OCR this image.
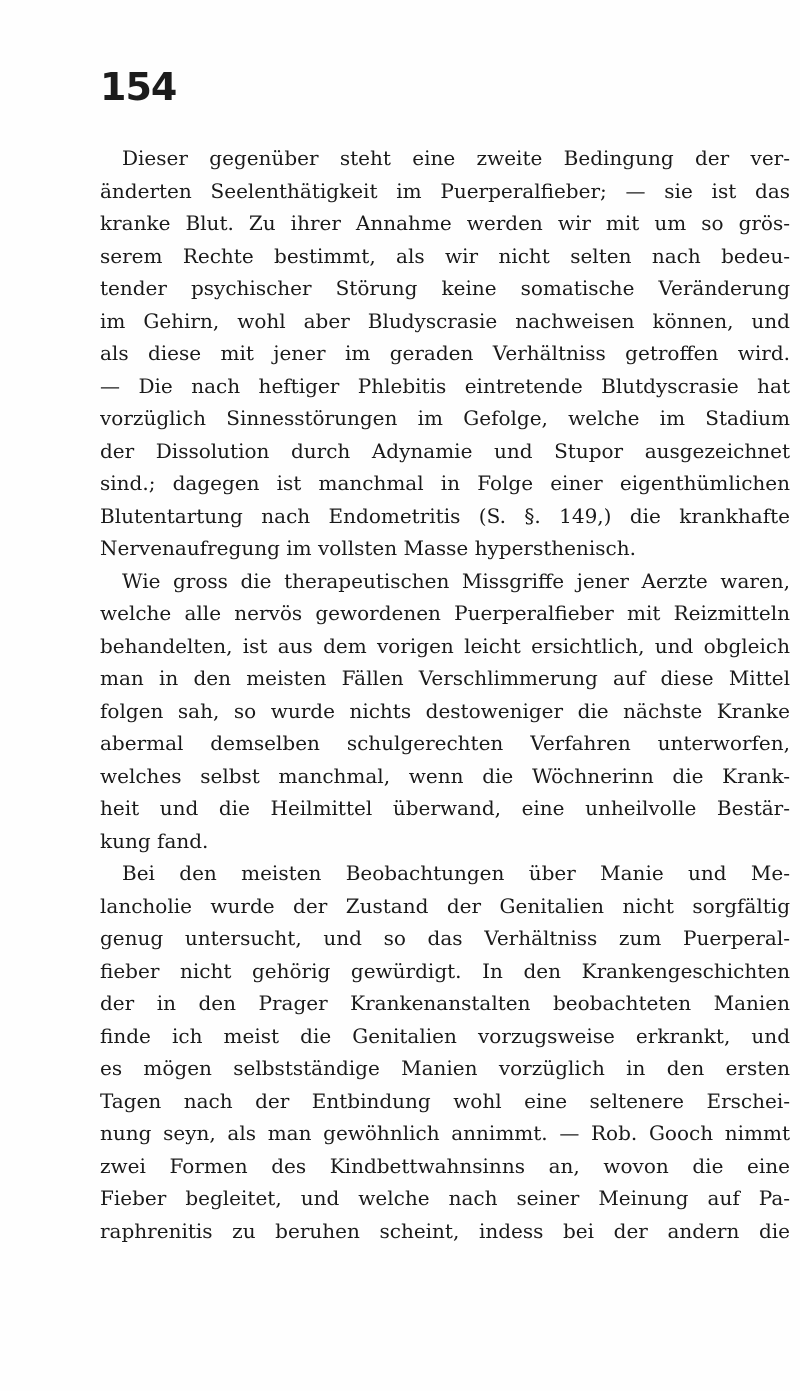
154
Dieser gegenüber steht eine zweite Bedingung der ver-
änderten Seelenthätigkeit im Puerperalfieber; — sie ist das
kranke Blut. Zu ihrer Annahme werden wir mit um so grös-
serem Rechte bestimmt, als wir nicht selten nach bedeu-
tender psychischer Störung keine somatische Veränderung
im Gehirn, wohl aber Bludyscrasie nachweisen können, und
als diese mit jener im geraden Verhältniss getroffen wird.
— Die nach heftiger Phlebitis eintretende Blutdyscrasie hat
vorzüglich Sinnesstörungen im Gefolge, welche im Stadium
der Dissolution durch Adynamie und Stupor ausgezeichnet
sind.; dagegen ist manchmal in Folge einer eigenthümlichen
Blutentartung nach Endometritis (S. §. 149,) die krankhafte
Nervenaufregung im vollsten Masse hypersthenisch.
Wie gross die therapeutischen Missgriffe jener Aerzte waren,
welche alle nervös gewordenen Puerperalfieber mit Reizmitteln
behandelten, ist aus dem vorigen leicht ersichtlich, und obgleich
man in den meisten Fällen Verschlimmerung auf diese Mittel
folgen sah, so wurde nichts destoweniger die nächste Kranke
abermal demselben schulgerechten Verfahren unterworfen,
welches selbst manchmal, wenn die Wöchnerinn die Krank-
heit und die Heilmittel überwand, eine unheilvolle Bestär-
kung fand.
Bei den meisten Beobachtungen über Manie und Me-
lancholie wurde der Zustand der Genitalien nicht sorgfältig
genug untersucht, und so das Verhältniss zum Puerperal-
fieber nicht gehörig gewürdigt. In den Krankengeschichten
der in den Prager Krankenanstalten beobachteten Manien
finde ich meist die Genitalien vorzugsweise erkrankt, und
es mögen selbstständige Manien vorzüglich in den ersten
Tagen nach der Entbindung wohl eine seltenere Erschei-
nung seyn, als man gewöhnlich annimmt. — Rob. Gooch nimmt
zwei Formen des Kindbettwahnsinns an, wovon die eine
Fieber begleitet, und welche nach seiner Meinung auf Pa-
raphrenitis zu beruhen scheint, indess bei der andern die
